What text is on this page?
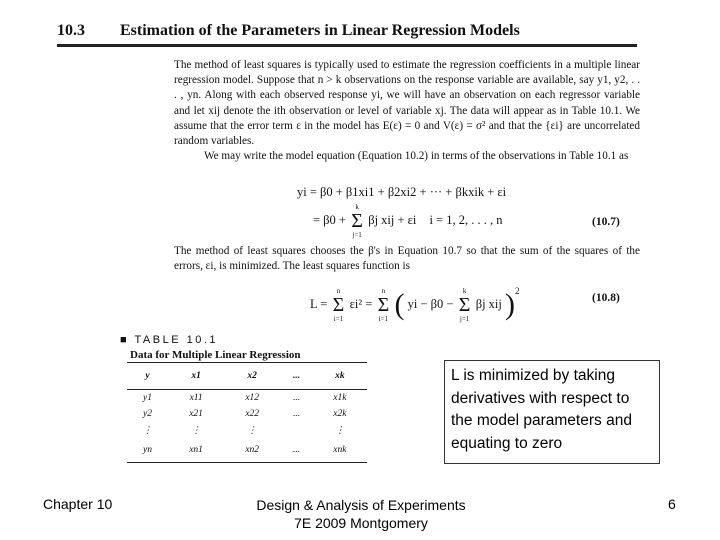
10.3 Estimation of the Parameters in Linear Regression Models
The method of least squares is typically used to estimate the regression coefficients in a multiple linear regression model. Suppose that n > k observations on the response variable are available, say y1, y2, . . . , yn. Along with each observed response yi, we will have an observation on each regressor variable and let xij denote the ith observation or level of variable xj. The data will appear as in Table 10.1. We assume that the error term ε in the model has E(ε) = 0 and V(ε) = σ² and that the {εi} are uncorrelated random variables.
We may write the model equation (Equation 10.2) in terms of the observations in Table 10.1 as
yi = β0 + β1xi1 + β2xi2 + ··· + βkxik + εi
= β0 + Σ
k
j=1
βj xij + εi i = 1, 2, . . . , n	(10.7)
The method of least squares chooses the β's in Equation 10.7 so that the sum of the squares of the errors, εi, is minimized. The least squares function is
L = Σ
n
i=1
εi² = Σ
n
i=1 ( yi − β0 − Σ
k
j=1
βj xij )$^2$
(10.8)
■ TABLE 10.1
Data for Multiple Linear Regression
y	x1	x2	...	xk
y1	x11	x12	...	x1k
y2	x21	x22	...	x2k
⋮	⋮	⋮		⋮
yn	xn1	xn2	...	xnk
L is minimized by taking derivatives with respect to the model parameters and equating to zero
Chapter 10	Design & Analysis of Experiments
7E 2009 Montgomery
6
